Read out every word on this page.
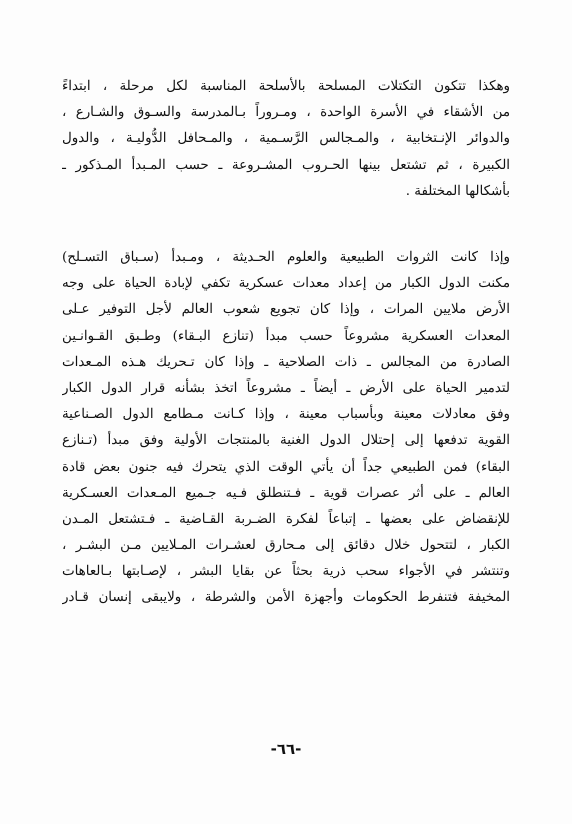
وهكذا تتكون التكتلات المسلحة بالأسلحة المناسبة لكل مرحلة ، ابتداءً
من الأشقاء في الأسرة الواحدة ، ومـروراً بـالمدرسة والسـوق والشـارع ،
والدوائر الإنـتخابية ، والمـجالس الرَّسـمية ، والمـحافل الدُّوليـة ، والدول
الكبيرة ، ثم تشتعل بينها الحـروب المشـروعة ـ حسب المـبدأ المـذكور ـ
بأشكالها المختلفة .
وإذا كانت الثروات الطبيعية والعلوم الحـديثة ، ومـبدأ (سـباق التسـلح)
مكنت الدول الكبار من إعداد معدات عسكرية تكفي لإبادة الحياة على وجه
الأرض ملايين المرات ، وإذا كان تجويع شعوب العالم لأجل التوفير عـلى
المعدات العسكرية مشروعاً حسب مبدأ (تنازع البـقاء) وطـبق القـوانـين
الصادرة من المجالس ـ ذات الصلاحية ـ وإذا كان تـحريك هـذه المـعدات
لتدمير الحياة على الأرض ـ أيضاً ـ مشروعاً اتخذ بشأنه قرار الدول الكبار
وفق معادلات معينة وبأسباب معينة ، وإذا كـانت مـطامع الدول الصـناعية
القوية تدفعها إلى إحتلال الدول الغنية بالمنتجات الأولية وفق مبدأ (تـنازع
البقاء) فمن الطبيعي جداً أن يأتي الوقت الذي يتحرك فيه جنون بعض قادة
العالم ـ على أثر عصرات قوية ـ فـتنطلق فـيه جـميع المـعدات العسـكرية
للإنقضاض على بعضها ـ إتباعاً لفكرة الضـربة القـاضية ـ فـتشتعل المـدن
الكبار ، لتتحول خلال دقائق إلى مـحارق لعشـرات المـلايين مـن البشـر ،
وتنتشر في الأجواء سحب ذرية بحثاً عن بقايا البشر ، لإصـابتها بـالعاهات
المخيفة فتنفرط الحكومات وأجهزة الأمن والشرطة ، ولايبقى إنسان قـادر
-٦٦-
